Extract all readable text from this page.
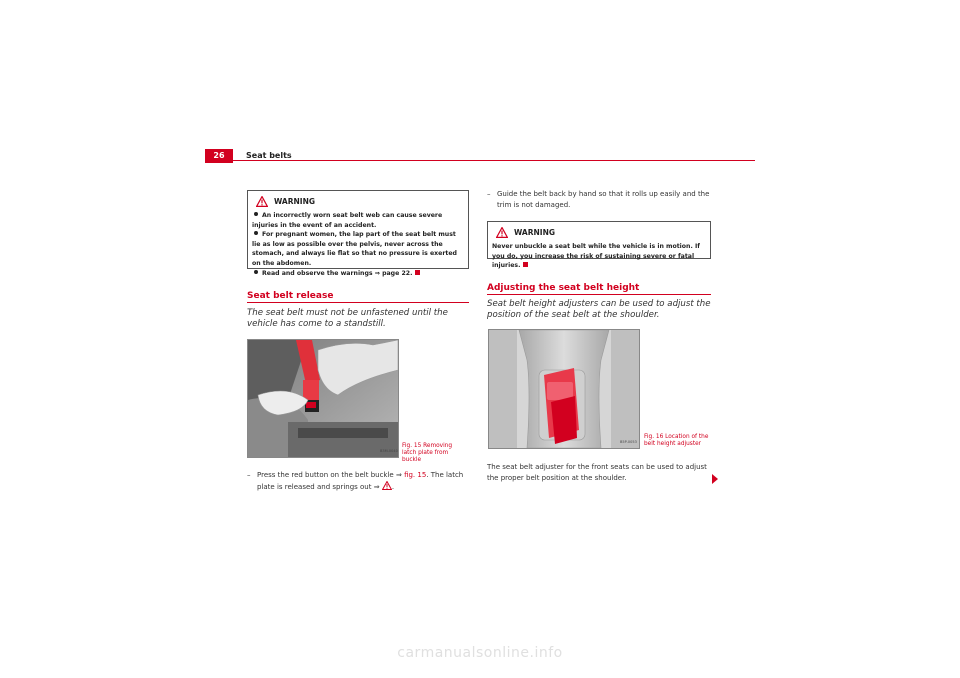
26	Seat belts
WARNING

An incorrectly worn seat belt web can cause severe injuries in the event of an accident.

For pregnant women, the lap part of the seat belt must lie as low as possible over the pelvis, never across the stomach, and always lie flat so that no pressure is exerted on the abdomen.

Read and observe the warnings ⇒ page 22.

Seat belt release
The seat belt must not be unfastened until the vehicle has come to a standstill.
B3M-0040
Fig. 15 Removing latch plate from buckle
– Press the red button on the belt buckle ⇒ fig. 15. The latch plate is released and springs out ⇒ .
– Guide the belt back by hand so that it rolls up easily and the trim is not damaged.
WARNING

Never unbuckle a seat belt while the vehicle is in motion. If you do, you increase the risk of sustaining severe or fatal injuries.

Adjusting the seat belt height
Seat belt height adjusters can be used to adjust the position of the seat belt at the shoulder.
B5P-0053
Fig. 16 Location of the belt height adjuster
The seat belt adjuster for the front seats can be used to adjust the proper belt position at the shoulder.
carmanualsonline.info
